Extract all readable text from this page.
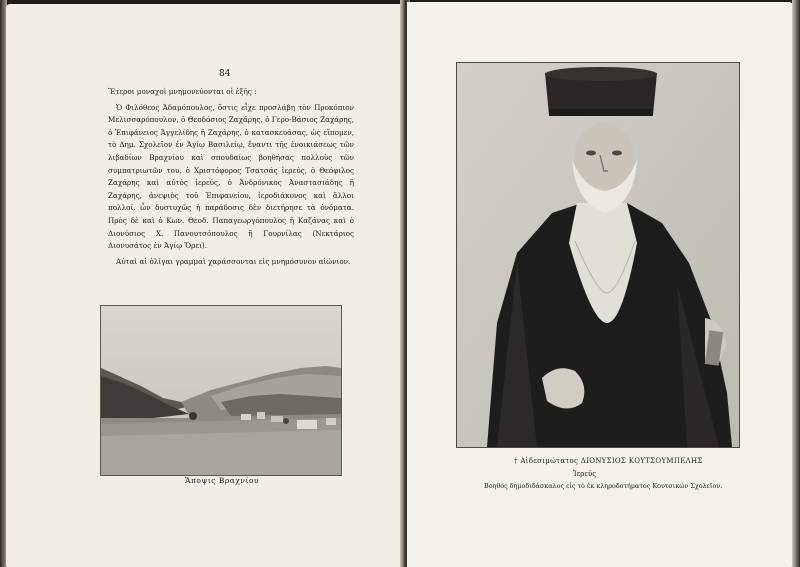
84

Ἕτεροι μοναχοὶ μνημονεύονται οἱ ἑξῆς :

Ὁ Φιλόθεος Ἀδαμόπουλος, ὅστις εἶχε προσλάβη τὸν Προκόπιον Μελισσαρόπουλον, ὁ Θεοδόσιος Ζαχάρης, ὁ Γερο-Βάσιος Ζαχάρης, ὁ Ἐπιφάνειος Ἀγγελίδης ἢ Ζαχάρης, ὁ κατασκευάσας, ὡς εἴπομεν, τὸ Δημ. Σχολεῖον ἐν Ἁγίῳ Βασιλείῳ, ἔναντι τῆς ἐνοικιάσεως τῶν λιβαδίων Βραχνίου καὶ σπουδαίως βοηθήσας πολλοὺς τῶν συμπατριωτῶν του, ὁ Χριστόφορος Τσατσάς ἱερεύς, ὁ Θεόφιλος Ζαχάρης καὶ αὐτὸς ἱερεύς, ὁ Ἀνδρόνικος Ἀναστασιάδης ἢ Ζαχάρης, ἀνεψιὸς τοῦ Ἐπιφανείου, ἱεροδιάκονος καὶ ἄλλοι πολλοί, ὧν δυστυχῶς ἡ παράδοσις δὲν διετήρησε τὰ ὀνόματα. Πρὸς δὲ καὶ ὁ Κων. Θεοδ. Παπαγεωργόπουλος ἢ Καζάνας καὶ ὁ Διονύσιος Χ. Πανουτσόπουλος ἢ Γουρνίλας (Νεκτάριος Διονυσάτος ἐν Ἁγίῳ Ὄρει).

Αὐταὶ αἱ ὀλίγαι γραμμαὶ χαράσσονται εἰς μνημόσυνον αἰώνιον.

Ἄποψις Βραχνίου
† Αἰδεσιμώτατος ΔΙΟΝΥΣΙΟΣ ΚΟΥΤΣΟΥΜΠΕΛΗΣ
Ἱερεύς
Βοηθὸς δημοδιδάσκαλος εἰς τὸ ἐκ κληροδοτήματος Κουτσικών Σχολεῖον.
